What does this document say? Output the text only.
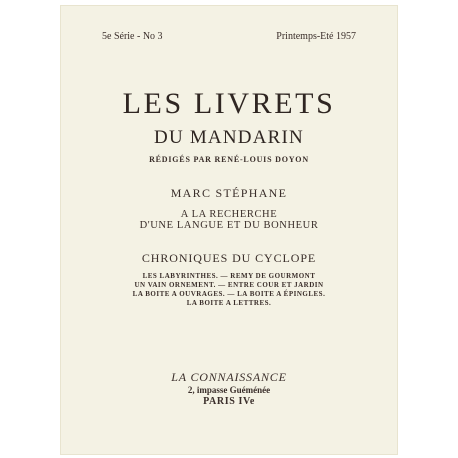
5e Série - No 3	Printemps-Eté 1957
LES LIVRETS
DU MANDARIN
RÉDIGÉS PAR RENÉ-LOUIS DOYON
MARC STÉPHANE
A LA RECHERCHE
D'UNE LANGUE ET DU BONHEUR
CHRONIQUES DU CYCLOPE
LES LABYRINTHES. — REMY DE GOURMONT
UN VAIN ORNEMENT. — ENTRE COUR ET JARDIN
LA BOITE A OUVRAGES. — LA BOITE A ÉPINGLES.
LA BOITE A LETTRES.
LA CONNAISSANCE
2, impasse Guéménée
PARIS IVe
